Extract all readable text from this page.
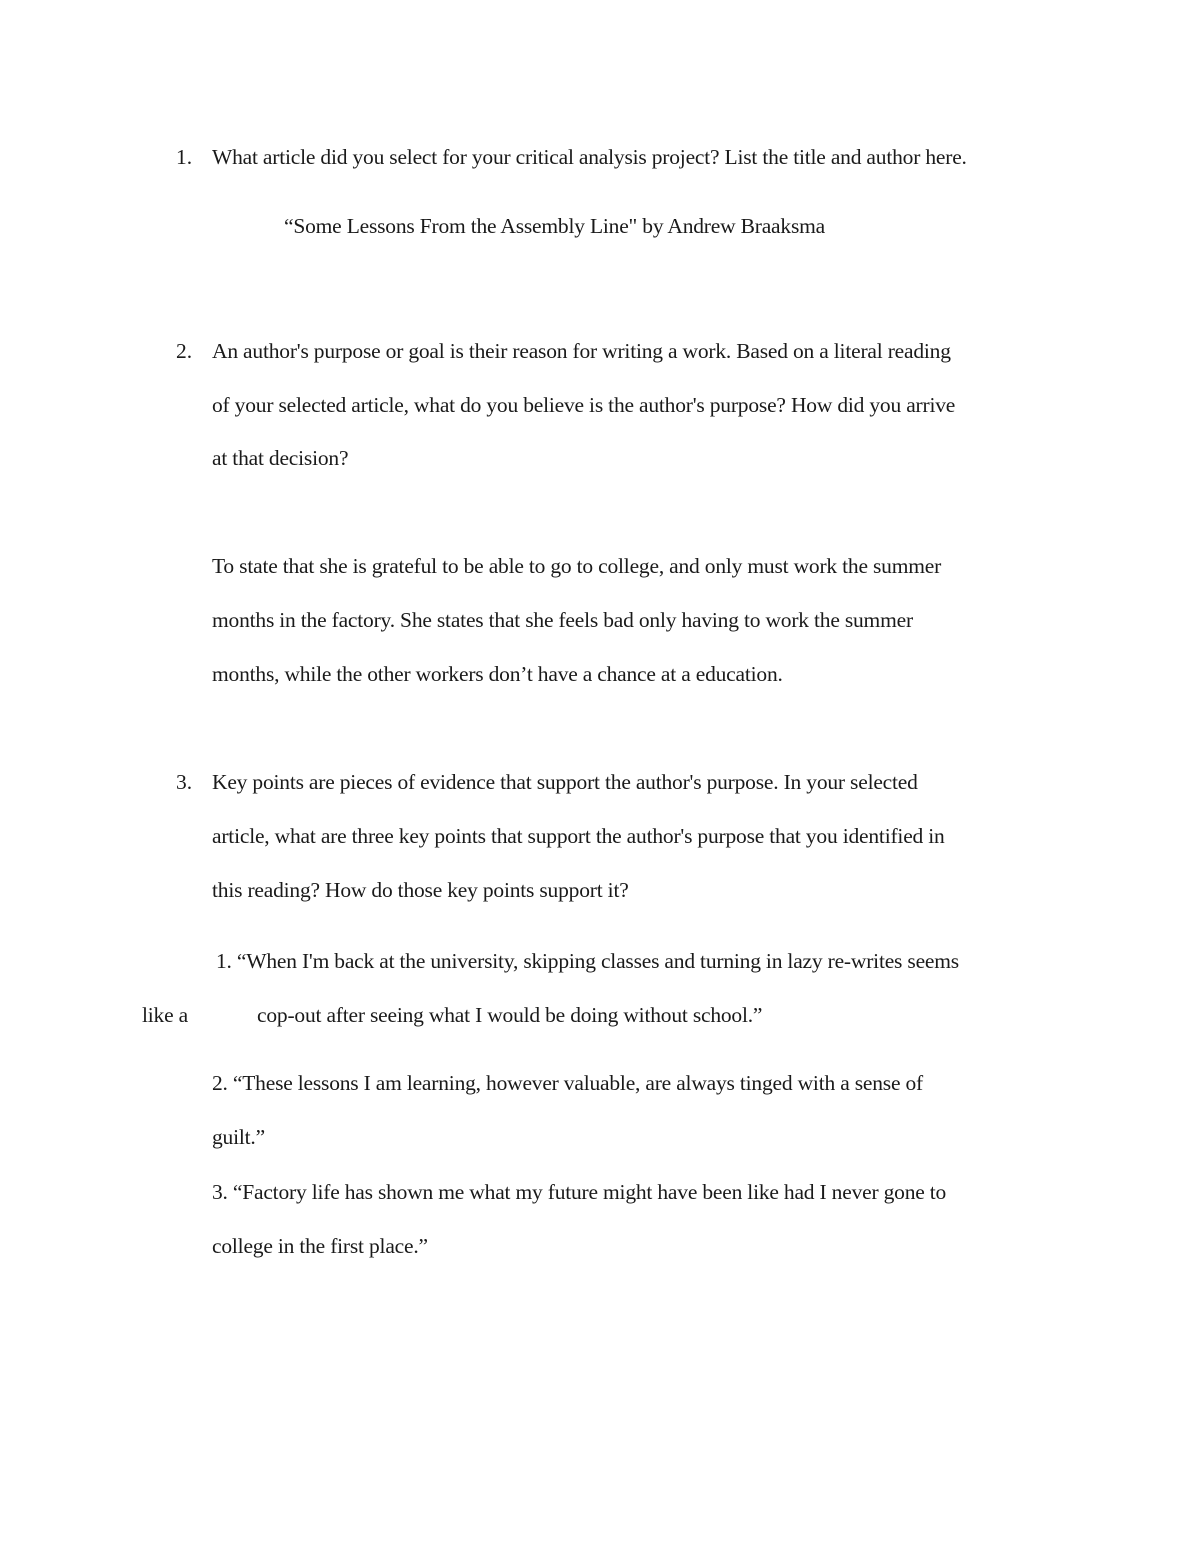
1. What article did you select for your critical analysis project? List the title and author here.
“Some Lessons From the Assembly Line" by Andrew Braaksma
2. An author's purpose or goal is their reason for writing a work. Based on a literal reading
of your selected article, what do you believe is the author's purpose? How did you arrive
at that decision?
To state that she is grateful to be able to go to college, and only must work the summer
months in the factory. She states that she feels bad only having to work the summer
months, while the other workers don’t have a chance at a education.
3. Key points are pieces of evidence that support the author's purpose. In your selected
article, what are three key points that support the author's purpose that you identified in
this reading? How do those key points support it?
1. “When I'm back at the university, skipping classes and turning in lazy re-writes seems
like a	cop-out after seeing what I would be doing without school.”
2. “These lessons I am learning, however valuable, are always tinged with a sense of
guilt.”
3. “Factory life has shown me what my future might have been like had I never gone to
college in the first place.”
